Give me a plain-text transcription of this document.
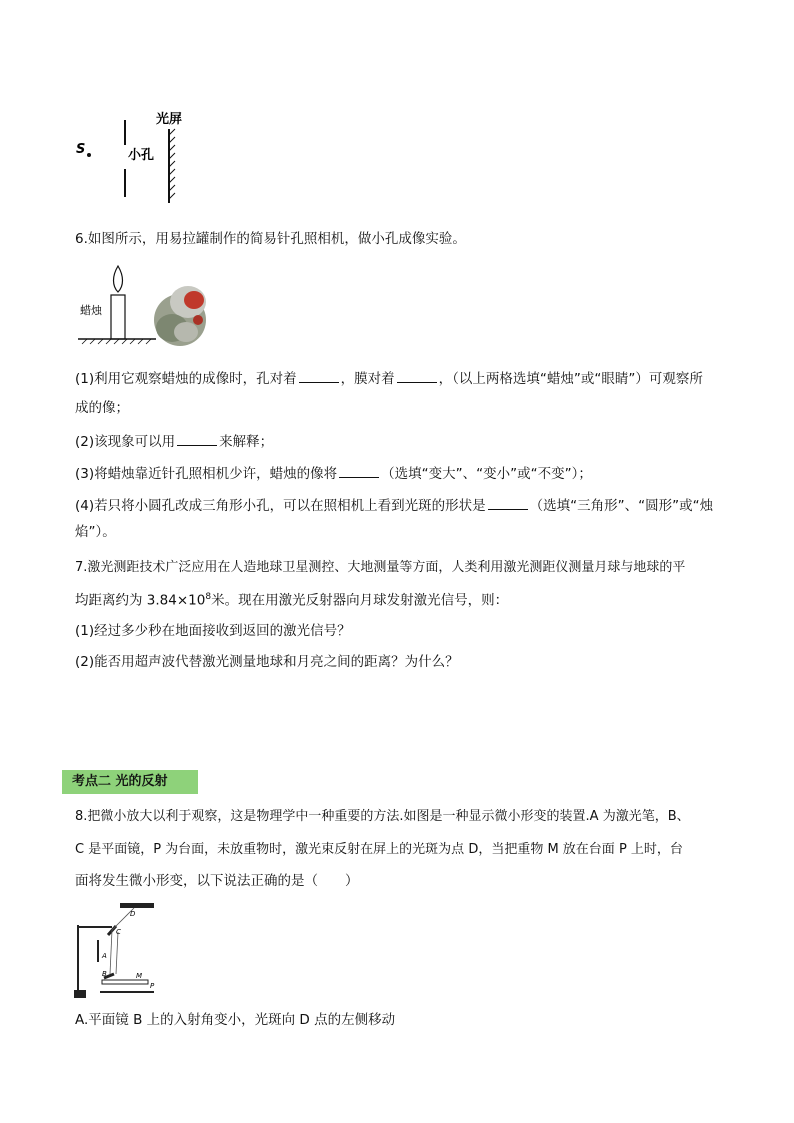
S	小孔
光屏
6.如图所示，用易拉罐制作的简易针孔照相机，做小孔成像实验。
蜡烛
(1)利用它观察蜡烛的成像时，孔对着	，膜对着	，（以上两格选填“蜡烛”或“眼睛”）可观察所
成的像；
(2)该现象可以用	来解释；
(3)将蜡烛靠近针孔照相机少许，蜡烛的像将	（选填“变大”、“变小”或“不变”）；
(4)若只将小圆孔改成三角形小孔，可以在照相机上看到光斑的形状是	（选填“三角形”、“圆形”或“烛
焰”）。
7.激光测距技术广泛应用在人造地球卫星测控、大地测量等方面，人类利用激光测距仪测量月球与地球的平
均距离约为 $3.84\times 10^8$米。现在用激光反射器向月球发射激光信号，则：
(1)经过多少秒在地面接收到返回的激光信号？
(2)能否用超声波代替激光测量地球和月亮之间的距离？为什么？
考点二 光的反射
8.把微小放大以利于观察，这是物理学中一种重要的方法.如图是一种显示微小形变的装置.A 为激光笔，B、
C 是平面镜，P 为台面，未放重物时，激光束反射在屏上的光斑为点 D，当把重物 M 放在台面 P 上时，台
面将发生微小形变，以下说法正确的是（　　）
D
C
A
B	M
P
A.平面镜 B 上的入射角变小，光斑向 D 点的左侧移动
